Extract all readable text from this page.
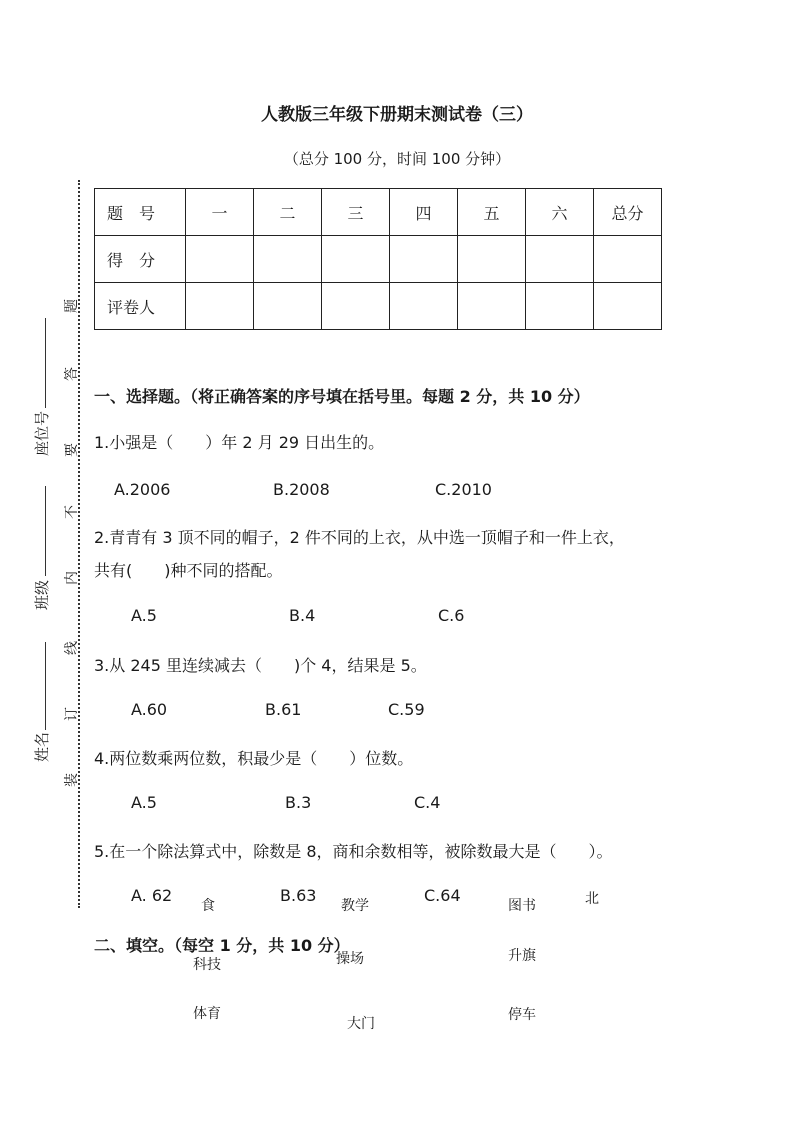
人教版三年级下册期末测试卷（三）
（总分 100 分，时间 100 分钟）
题
答
要
不
内
线
订
装
座位号
班级
姓名
题　号	一	二	三	四	五	六	总分
得　分							
评卷人							
一、选择题。（将正确答案的序号填在括号里。每题 2 分，共 10 分）
1.小强是（　　）年 2 月 29 日出生的。
A.2006	B.2008	C.2010
2.青青有 3 顶不同的帽子，2 件不同的上衣，从中选一顶帽子和一件上衣，
共有(　　)种不同的搭配。
A.5	B.4	C.6
3.从 245 里连续减去（　　)个 4，结果是 5。
A.60	B.61	C.59
4.两位数乘两位数，积最少是（　　）位数。
A.5	B.3	C.4
5.在一个除法算式中，除数是 8，商和余数相等，被除数最大是（　　）。
A. 62	B.63	C.64
二、填空。（每空 1 分，共 10 分）
食	教学	图书	北
科技	操场	升旗
体育
大门
停车
